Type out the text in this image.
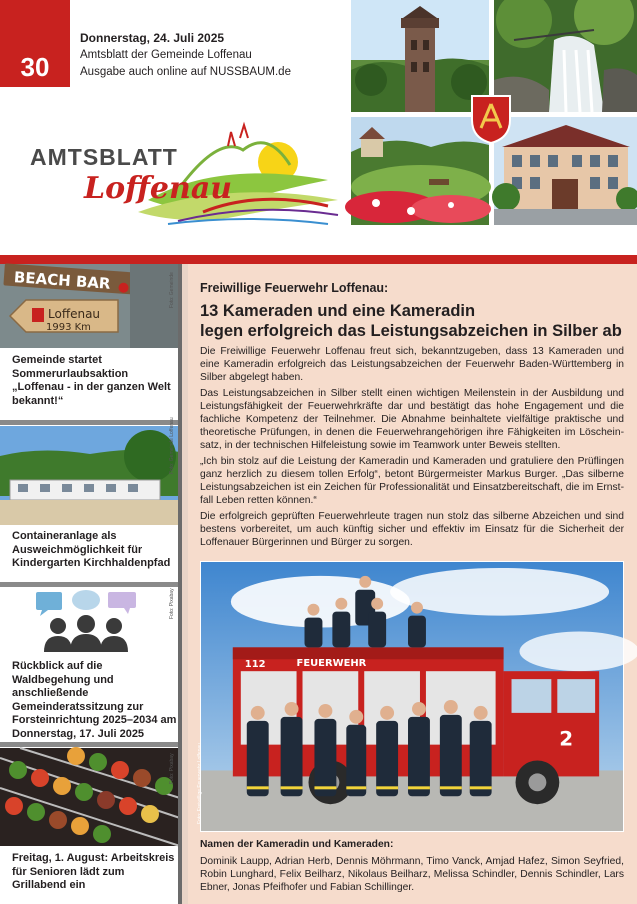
30
Donnerstag, 24. Juli 2025
Amtsblatt der Gemeinde Loffenau
Ausgabe auch online auf NUSSBAUM.de
Loffenau
AMTSBLATT
BEACH BAR
Loffenau
1993 Km
Foto: Gemeinde
Gemeinde startet Sommerurlaubsaktion „Loffenau - in der ganzen Welt bekannt!“
Foto: Gemeinde Loffenau
Containeranlage als Ausweichmöglichkeit für Kindergarten Kirchhaldenpfad
Foto: Pixabay
Rückblick auf die Waldbegehung und anschließende Gemeinderatssitzung zur Forsteinrichtung 2025–2034 am Donnerstag, 17. Juli 2025
Foto: Pixabay
Freitag, 1. August: Arbeitskreis für Senioren lädt zum Grillabend ein
Freiwillige Feuerwehr Loffenau:
13 Kameraden und eine Kameradin
legen erfolgreich das Leistungsabzeichen in Silber ab

Die Freiwillige Feuerwehr Loffenau freut sich, bekanntzugeben, dass 13 Kameraden und eine Kameradin erfolgreich das Leistungsabzeichen der Feuerwehr Baden-Württemberg in Silber abgelegt haben.

Das Leistungsabzeichen in Silber stellt einen wichtigen Meilenstein in der Ausbildung und Leistungsfähigkeit der Feuerwehrkräfte dar und bestätigt das hohe Engagement und die fachliche Kompetenz der Teilnehmer. Die Abnahme beinhaltete vielfältige praktische und theoretische Prüfungen, in denen die Feuerwehrangehörigen ihre Fähigkeiten im Löscheinsatz, in der technischen Hilfeleistung sowie im Teamwork unter Beweis stellten.

„Ich bin stolz auf die Leistung der Kameradin und Kameraden und gratuliere den Prüflingen ganz herzlich zu diesem tollen Erfolg“, betont Bürgermeister Markus Burger. „Das silberne Leistungsabzeichen ist ein Zeichen für Professionalität und Einsatzbereitschaft, die im Ernstfall Leben retten können.“

Die erfolgreich geprüften Feuerwehrleute tragen nun stolz das silberne Abzeichen und sind bestens vorbereitet, um auch künftig sicher und effektiv im Einsatz für die Sicherheit der Loffenauer Bürgerinnen und Bürger zu sorgen.

FEUERWEHR
112
2
Foto: Freiwillige Feuerwehr Loffenau
Namen der Kameradin und Kameraden:
Dominik Laupp, Adrian Herb, Dennis Möhrmann, Timo Vanck, Amjad Hafez, Simon Seyfried, Robin Lunghard, Felix Beilharz, Nikolaus Beilharz, Melissa Schindler, Dennis Schindler, Lars Ebner, Jonas Pfeifhofer und Fabian Schillinger.
